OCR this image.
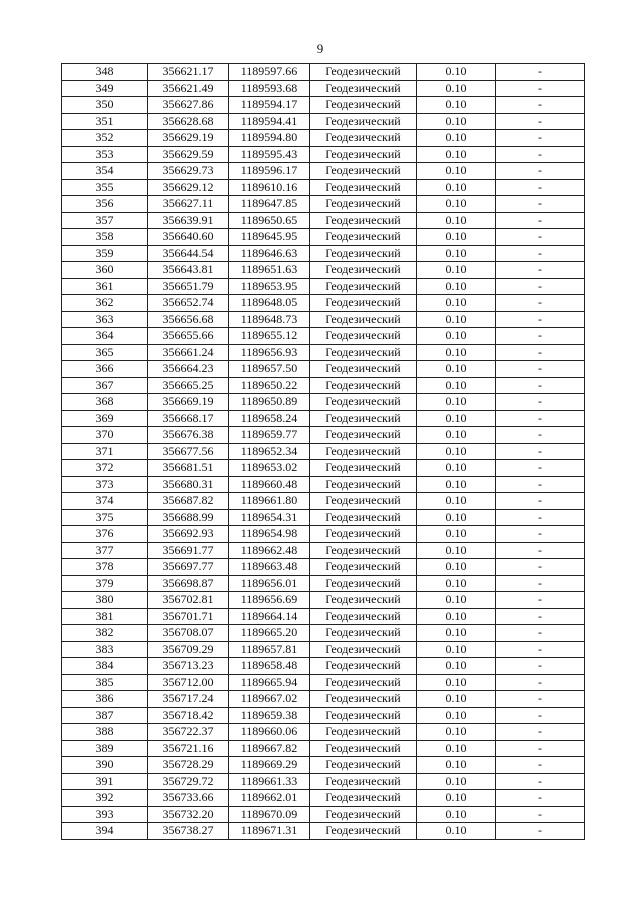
9
348	356621.17	1189597.66	Геодезический	0.10	-
349	356621.49	1189593.68	Геодезический	0.10	-
350	356627.86	1189594.17	Геодезический	0.10	-
351	356628.68	1189594.41	Геодезический	0.10	-
352	356629.19	1189594.80	Геодезический	0.10	-
353	356629.59	1189595.43	Геодезический	0.10	-
354	356629.73	1189596.17	Геодезический	0.10	-
355	356629.12	1189610.16	Геодезический	0.10	-
356	356627.11	1189647.85	Геодезический	0.10	-
357	356639.91	1189650.65	Геодезический	0.10	-
358	356640.60	1189645.95	Геодезический	0.10	-
359	356644.54	1189646.63	Геодезический	0.10	-
360	356643.81	1189651.63	Геодезический	0.10	-
361	356651.79	1189653.95	Геодезический	0.10	-
362	356652.74	1189648.05	Геодезический	0.10	-
363	356656.68	1189648.73	Геодезический	0.10	-
364	356655.66	1189655.12	Геодезический	0.10	-
365	356661.24	1189656.93	Геодезический	0.10	-
366	356664.23	1189657.50	Геодезический	0.10	-
367	356665.25	1189650.22	Геодезический	0.10	-
368	356669.19	1189650.89	Геодезический	0.10	-
369	356668.17	1189658.24	Геодезический	0.10	-
370	356676.38	1189659.77	Геодезический	0.10	-
371	356677.56	1189652.34	Геодезический	0.10	-
372	356681.51	1189653.02	Геодезический	0.10	-
373	356680.31	1189660.48	Геодезический	0.10	-
374	356687.82	1189661.80	Геодезический	0.10	-
375	356688.99	1189654.31	Геодезический	0.10	-
376	356692.93	1189654.98	Геодезический	0.10	-
377	356691.77	1189662.48	Геодезический	0.10	-
378	356697.77	1189663.48	Геодезический	0.10	-
379	356698.87	1189656.01	Геодезический	0.10	-
380	356702.81	1189656.69	Геодезический	0.10	-
381	356701.71	1189664.14	Геодезический	0.10	-
382	356708.07	1189665.20	Геодезический	0.10	-
383	356709.29	1189657.81	Геодезический	0.10	-
384	356713.23	1189658.48	Геодезический	0.10	-
385	356712.00	1189665.94	Геодезический	0.10	-
386	356717.24	1189667.02	Геодезический	0.10	-
387	356718.42	1189659.38	Геодезический	0.10	-
388	356722.37	1189660.06	Геодезический	0.10	-
389	356721.16	1189667.82	Геодезический	0.10	-
390	356728.29	1189669.29	Геодезический	0.10	-
391	356729.72	1189661.33	Геодезический	0.10	-
392	356733.66	1189662.01	Геодезический	0.10	-
393	356732.20	1189670.09	Геодезический	0.10	-
394	356738.27	1189671.31	Геодезический	0.10	-
